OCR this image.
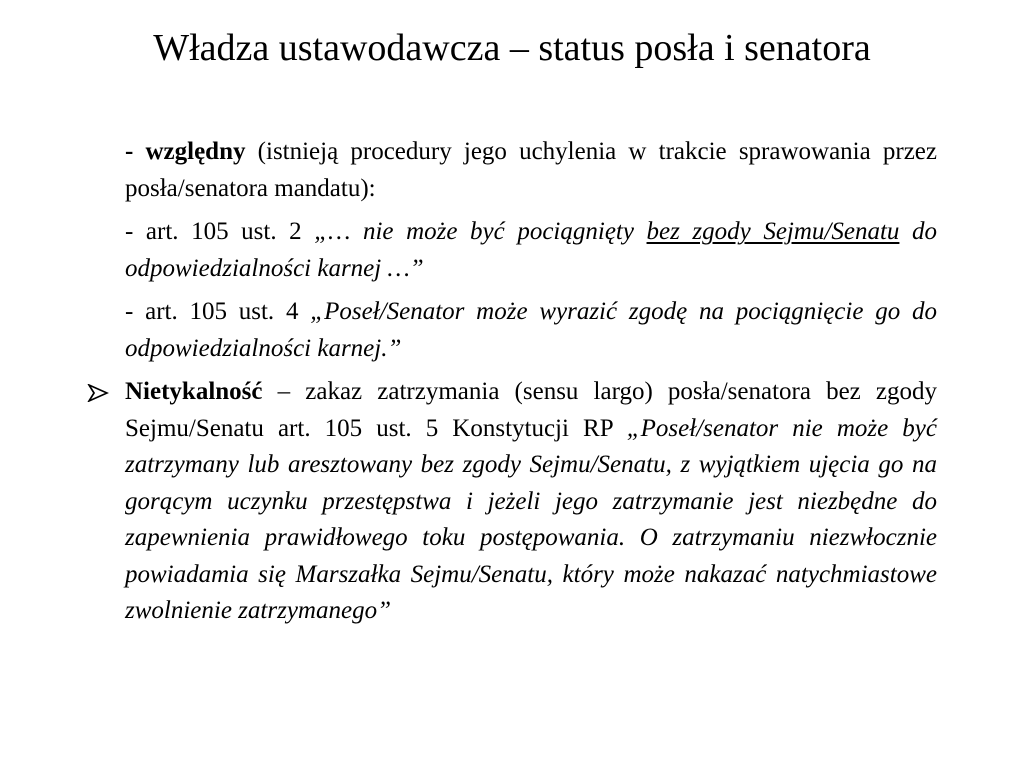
Władza ustawodawcza – status posła i senatora

- względny (istnieją procedury jego uchylenia w trakcie sprawowania przez posła/senatora mandatu):

- art. 105 ust. 2 „… nie może być pociągnięty bez zgody Sejmu/Senatu do odpowiedzialności karnej …”

- art. 105 ust. 4 „Poseł/Senator może wyrazić zgodę na pociągnięcie go do odpowiedzialności karnej.”

Nietykalność – zakaz zatrzymania (sensu largo) posła/senatora bez zgody Sejmu/Senatu art. 105 ust. 5 Konstytucji RP „Poseł/senator nie może być zatrzymany lub aresztowany bez zgody Sejmu/Senatu, z wyjątkiem ujęcia go na gorącym uczynku przestępstwa i jeżeli jego zatrzymanie jest niezbędne do zapewnienia prawidłowego toku postępowania. O zatrzymaniu niezwłocznie powiadamia się Marszałka Sejmu/Senatu, który może nakazać natychmiastowe zwolnienie zatrzymanego”
